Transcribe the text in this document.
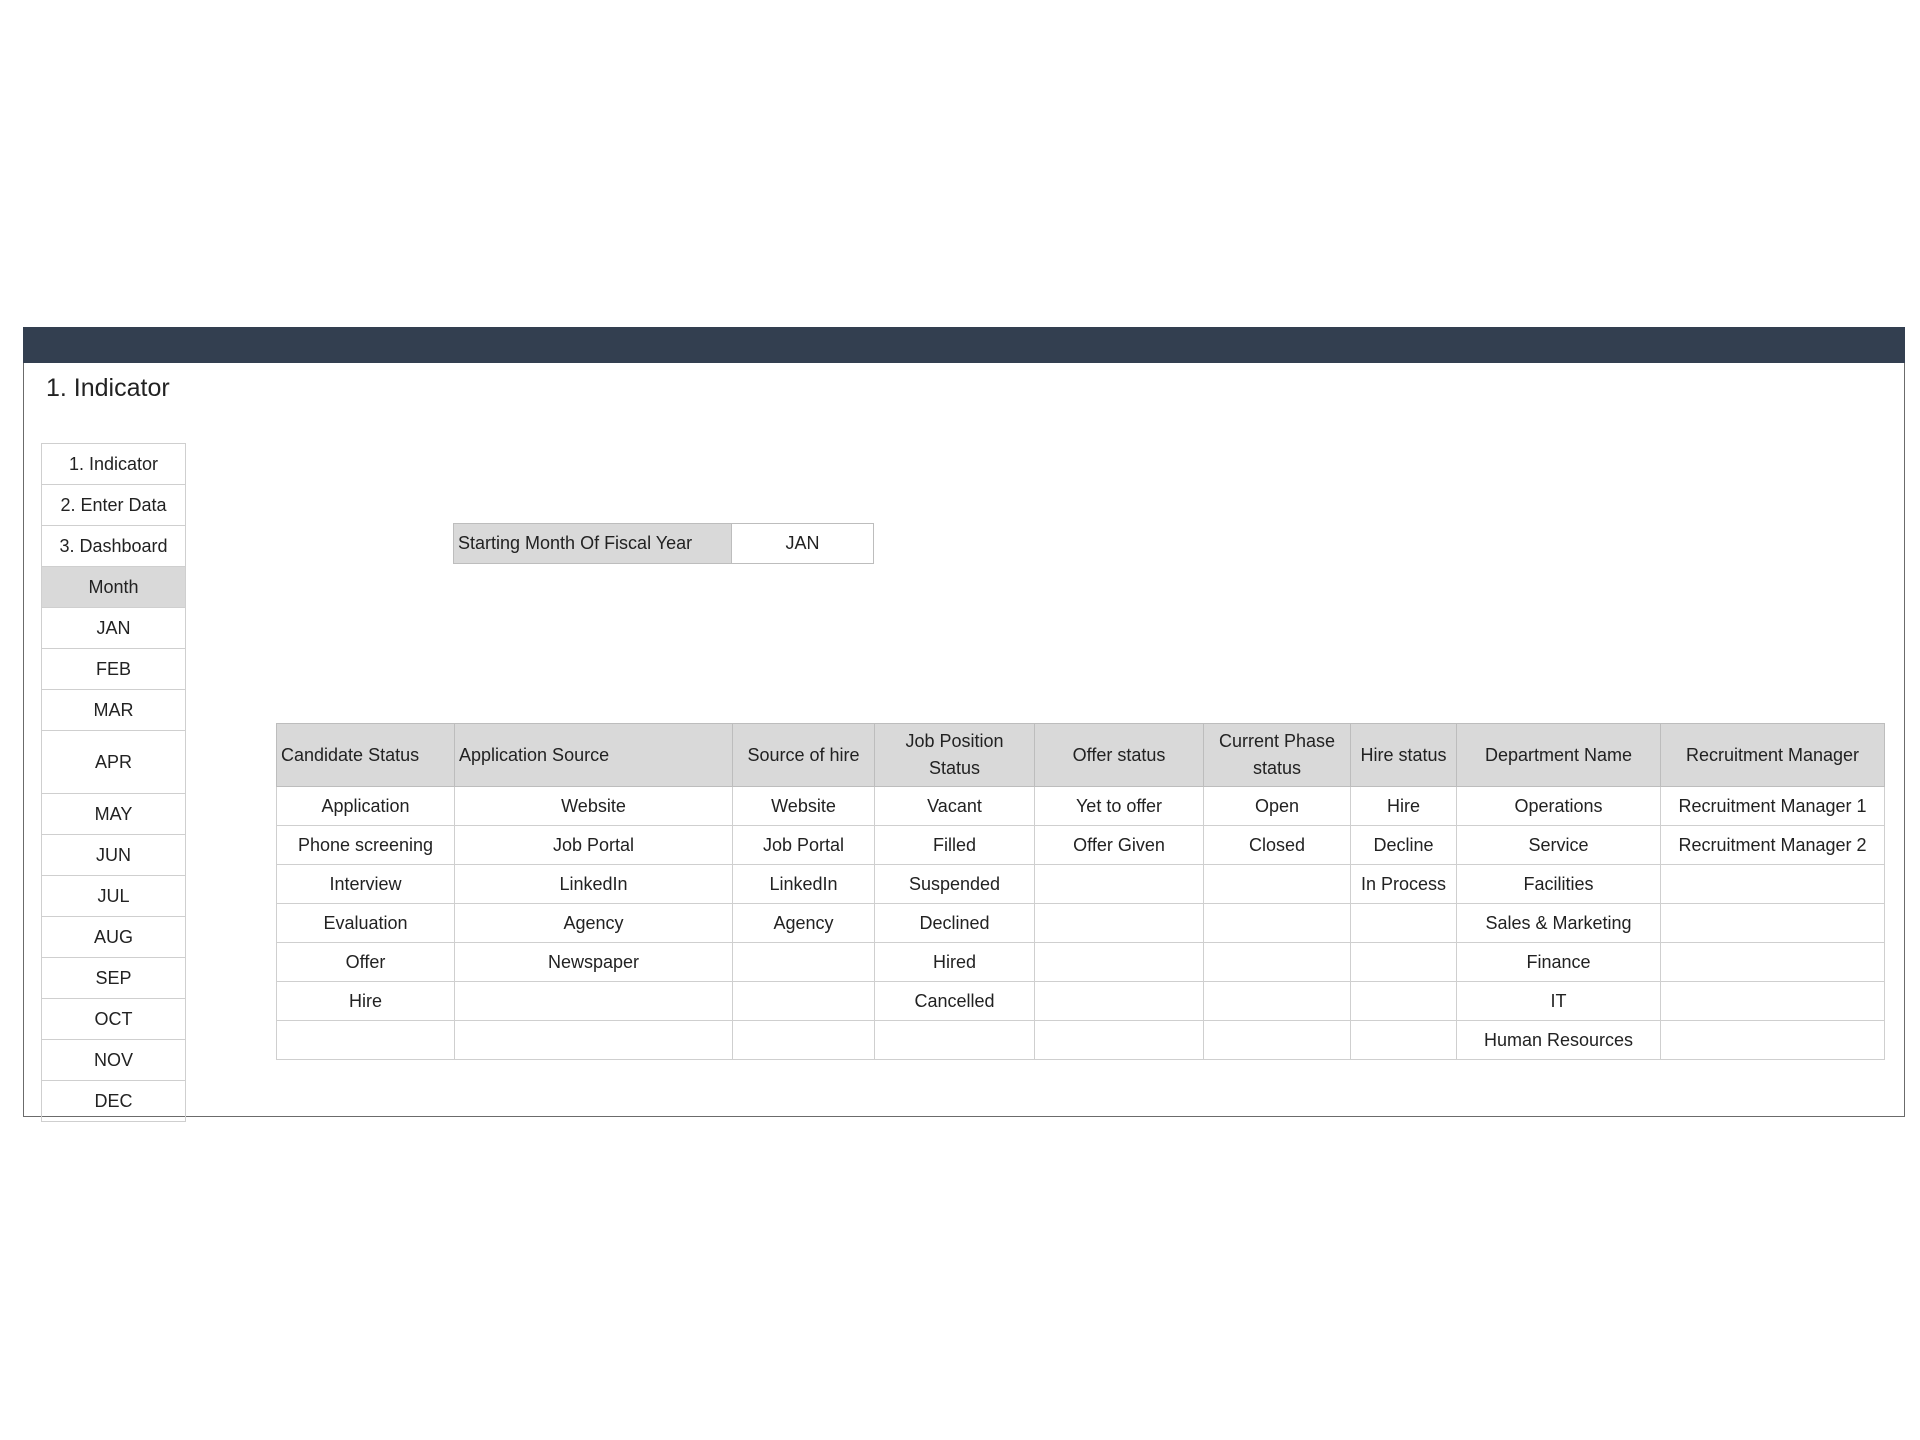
1. Indicator
1. Indicator
2. Enter Data
3. Dashboard
Month
JAN
FEB
MAR
APR
MAY
JUN
JUL
AUG
SEP
OCT
NOV
DEC
Starting Month Of Fiscal Year	JAN
Candidate Status	Application Source	Source of hire	Job Position Status	Offer status	Current Phase status	Hire status	Department Name	Recruitment Manager
Application	Website	Website	Vacant	Yet to offer	Open	Hire	Operations	Recruitment Manager 1
Phone screening	Job Portal	Job Portal	Filled	Offer Given	Closed	Decline	Service	Recruitment Manager 2
Interview	LinkedIn	LinkedIn	Suspended			In Process	Facilities	
Evaluation	Agency	Agency	Declined				Sales & Marketing	
Offer	Newspaper		Hired				Finance	
Hire			Cancelled				IT	
							Human Resources	
